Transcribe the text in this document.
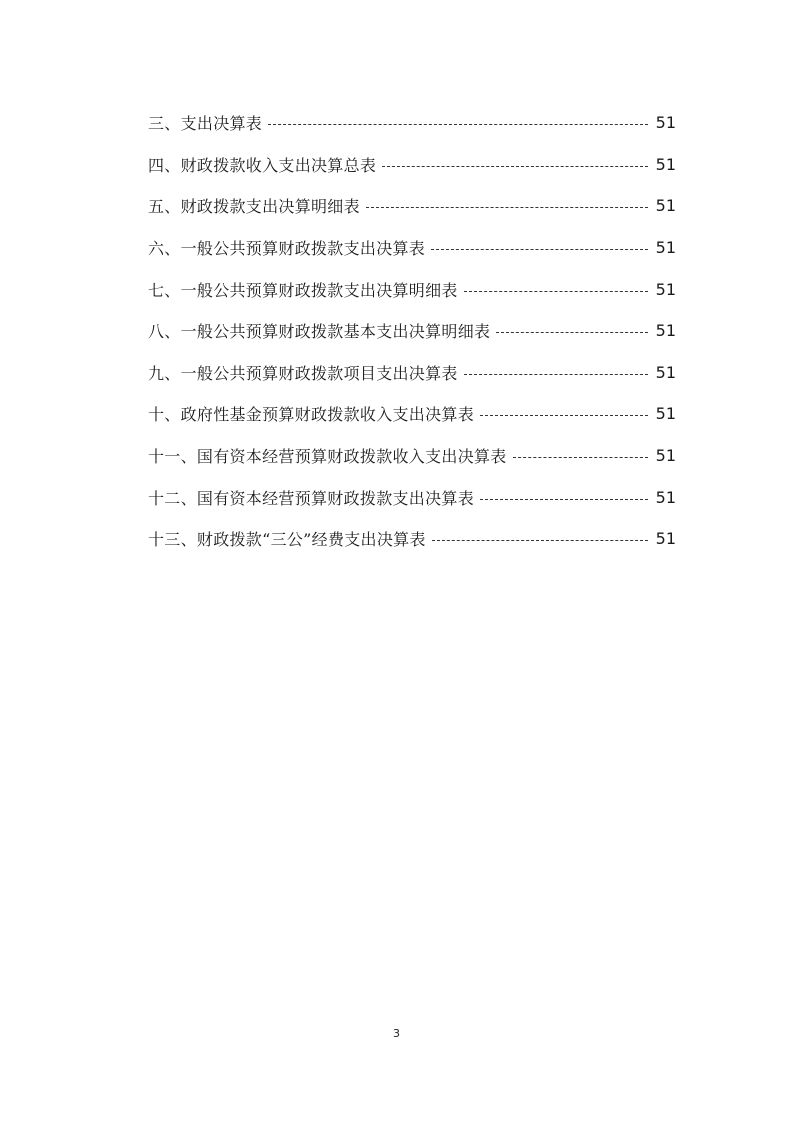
三、支出决算表	51
四、财政拨款收入支出决算总表	51
五、财政拨款支出决算明细表	51
六、一般公共预算财政拨款支出决算表	51
七、一般公共预算财政拨款支出决算明细表	51
八、一般公共预算财政拨款基本支出决算明细表	51
九、一般公共预算财政拨款项目支出决算表	51
十、政府性基金预算财政拨款收入支出决算表	51
十一、国有资本经营预算财政拨款收入支出决算表	51
十二、国有资本经营预算财政拨款支出决算表	51
十三、财政拨款“三公”经费支出决算表	51
3
